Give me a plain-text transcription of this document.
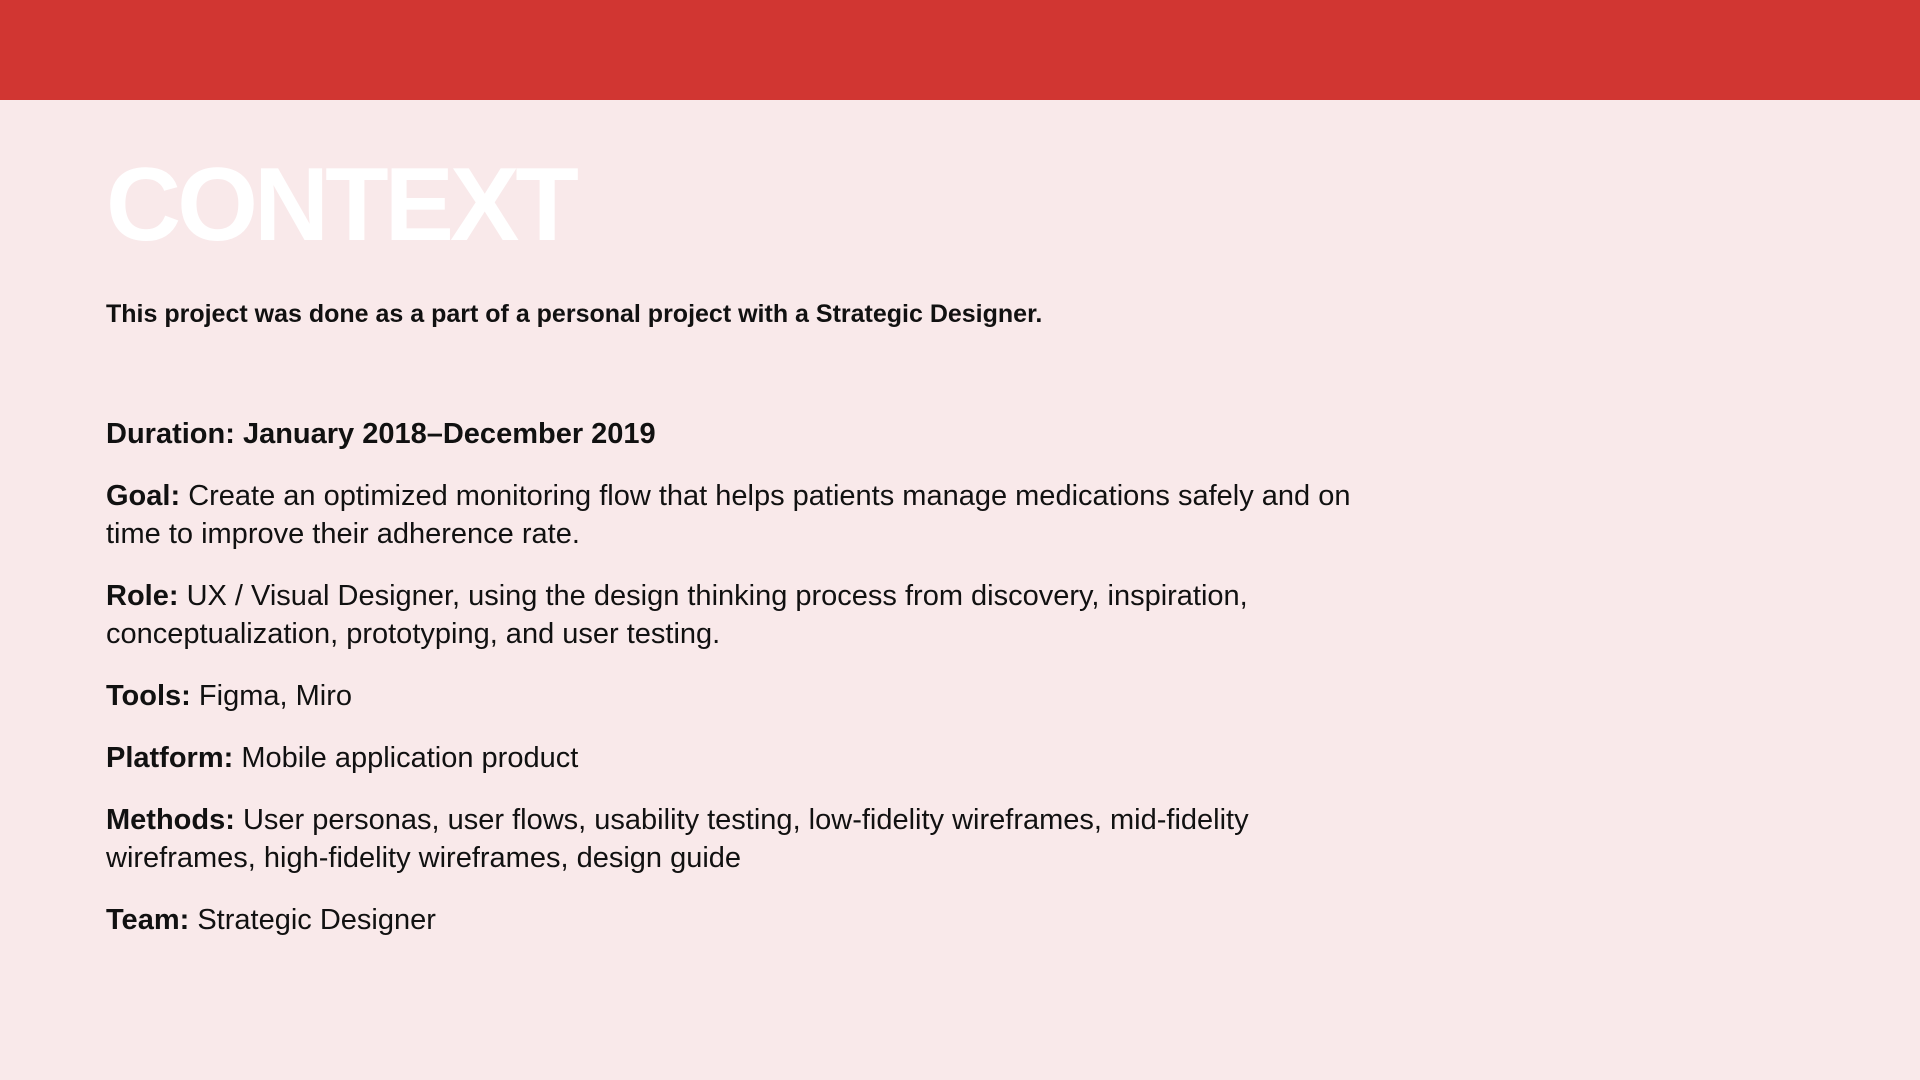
CONTEXT

This project was done as a part of a personal project with a Strategic Designer.

Duration: January 2018–December 2019

Goal: Create an optimized monitoring flow that helps patients manage medications safely and on time to improve their adherence rate.

Role: UX / Visual Designer, using the design thinking process from discovery, inspiration, conceptualization, prototyping, and user testing.

Tools: Figma, Miro

Platform: Mobile application product

Methods: User personas, user flows, usability testing, low-fidelity wireframes, mid-fidelity wireframes, high-fidelity wireframes, design guide

Team: Strategic Designer
